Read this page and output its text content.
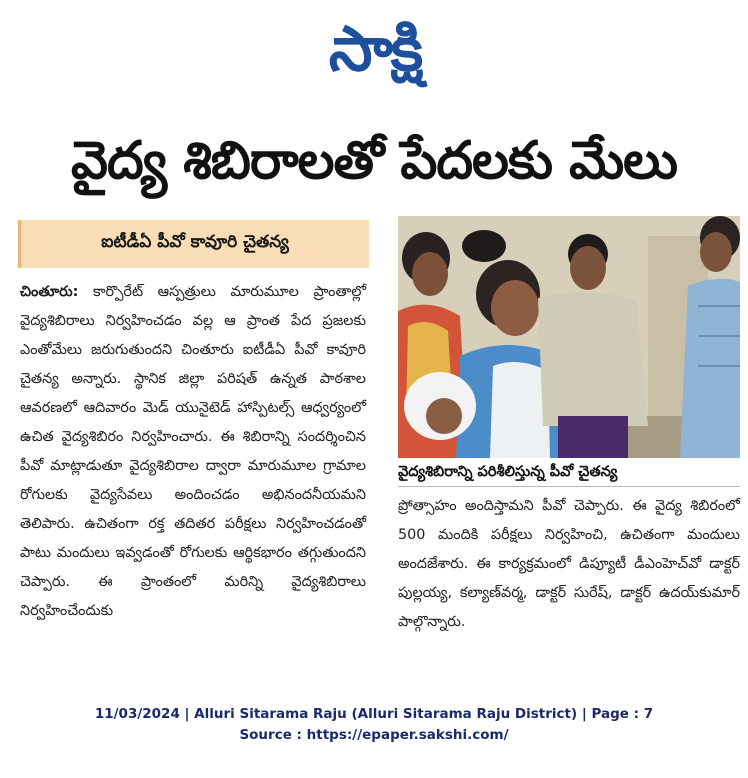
సాక్షి
వైద్య శిబిరాలతో పేదలకు మేలు
ఐటీడీఏ పీవో కావూరి చైతన్య
చింతూరు: కార్పొరేట్ ఆస్పత్రులు మారుమూల ప్రాంతాల్లో వైద్యశిబిరాలు నిర్వహించడం వల్ల ఆ ప్రాంత పేద ప్రజలకు ఎంతోమేలు జరుగుతుందని చింతూరు ఐటీడీఏ పీవో కావూరి చైతన్య అన్నారు. స్థానిక జిల్లా పరిషత్ ఉన్నత పాఠశాల ఆవరణలో ఆదివారం మెడ్ యునైటెడ్ హాస్పిటల్స్ ఆధ్వర్యంలో ఉచిత వైద్యశిబిరం నిర్వహించారు. ఈ శిబిరాన్ని సందర్శించిన పీవో మాట్లాడుతూ వైద్యశిబిరాల ద్వారా మారుమూల గ్రామాల రోగులకు వైద్యసేవలు అందించడం అభినందనీయమని తెలిపారు. ఉచితంగా రక్త తదితర పరీక్షలు నిర్వహించడంతో పాటు మందులు ఇవ్వడంతో రోగులకు ఆర్థికభారం తగ్గుతుందని చెప్పారు. ఈ ప్రాంతంలో మరిన్ని వైద్యశిబిరాలు నిర్వహించేందుకు
వైద్యశిబిరాన్ని పరిశీలిస్తున్న పీవో చైతన్య
ప్రోత్సాహం అందిస్తామని పీవో చెప్పారు. ఈ వైద్య శిబిరంలో 500 మందికి పరీక్షలు నిర్వహించి, ఉచితంగా మందులు అందజేశారు. ఈ కార్యక్రమంలో డిప్యూటీ డీఎంహెచ్‌వో డాక్టర్ పుల్లయ్య, కల్యాణ్‌వర్మ, డాక్టర్ సురేష్, డాక్టర్ ఉదయ్‌కుమార్ పాల్గొన్నారు.
11/03/2024 | Alluri Sitarama Raju (Alluri Sitarama Raju District) | Page : 7
Source : https://epaper.sakshi.com/
